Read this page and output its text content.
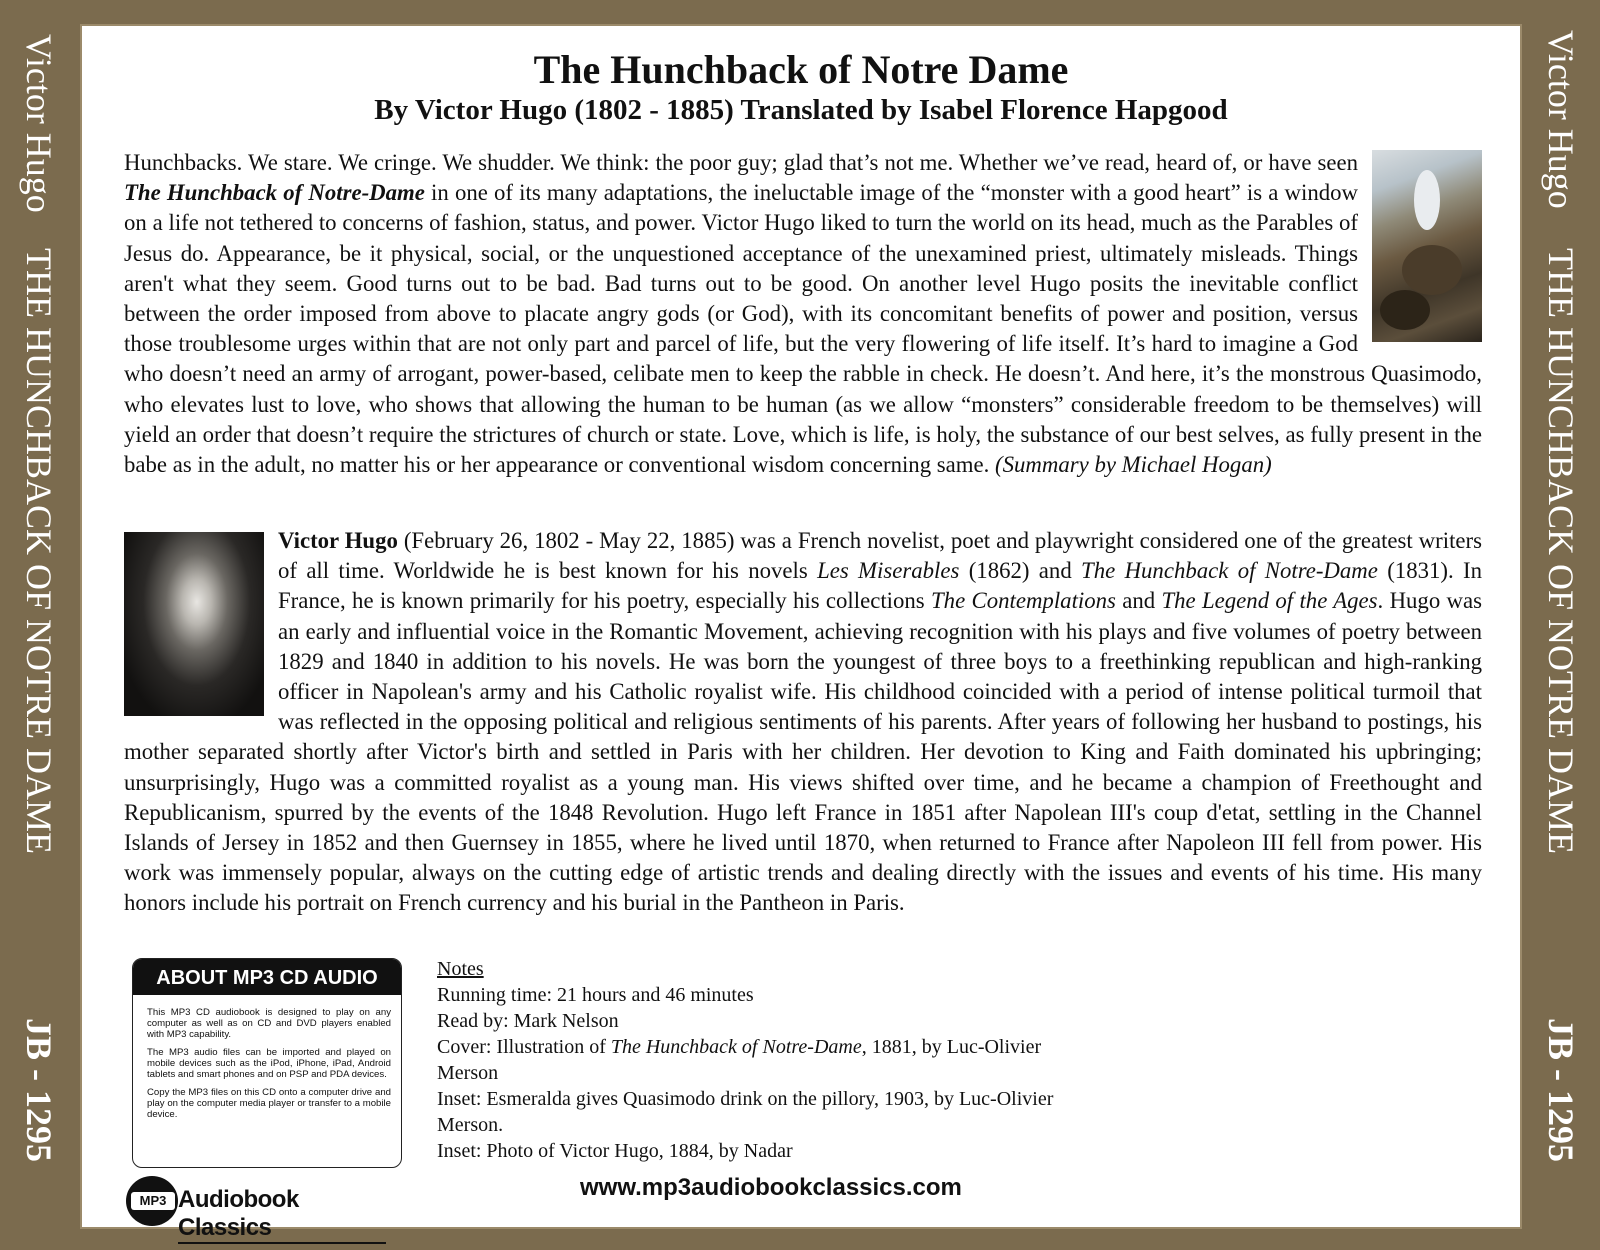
Victor Hugo
THE HUNCHBACK OF NOTRE DAME
JB - 1295
Victor Hugo
THE HUNCHBACK OF NOTRE DAME
JB - 1295
The Hunchback of Notre Dame
By Victor Hugo (1802 - 1885) Translated by Isabel Florence Hapgood
Hunchbacks. We stare. We cringe. We shudder. We think: the poor guy; glad that’s not me. Whether we’ve read, heard of, or have seen The Hunchback of Notre-Dame in one of its many adaptations, the ineluctable image of the “monster with a good heart” is a window on a life not tethered to concerns of fashion, status, and power. Victor Hugo liked to turn the world on its head, much as the Parables of Jesus do. Appearance, be it physical, social, or the unquestioned acceptance of the unexamined priest, ultimately misleads. Things aren't what they seem. Good turns out to be bad. Bad turns out to be good. On another level Hugo posits the inevitable conflict between the order imposed from above to placate angry gods (or God), with its concomitant benefits of power and position, versus those troublesome urges within that are not only part and parcel of life, but the very flowering of life itself. It’s hard to imagine a God who doesn’t need an army of arrogant, power-based, celibate men to keep the rabble in check. He doesn’t. And here, it’s the monstrous Quasimodo, who elevates lust to love, who shows that allowing the human to be human (as we allow “monsters” considerable freedom to be themselves) will yield an order that doesn’t require the strictures of church or state. Love, which is life, is holy, the substance of our best selves, as fully present in the babe as in the adult, no matter his or her appearance or conventional wisdom concerning same. (Summary by Michael Hogan)
Victor Hugo (February 26, 1802 - May 22, 1885) was a French novelist, poet and playwright considered one of the greatest writers of all time. Worldwide he is best known for his novels Les Miserables (1862) and The Hunchback of Notre-Dame (1831). In France, he is known primarily for his poetry, especially his collections The Contemplations and The Legend of the Ages. Hugo was an early and influential voice in the Romantic Movement, achieving recognition with his plays and five volumes of poetry between 1829 and 1840 in addition to his novels. He was born the youngest of three boys to a freethinking republican and high-ranking officer in Napolean's army and his Catholic royalist wife. His childhood coincided with a period of intense political turmoil that was reflected in the opposing political and religious sentiments of his parents. After years of following her husband to postings, his mother separated shortly after Victor's birth and settled in Paris with her children. Her devotion to King and Faith dominated his upbringing; unsurprisingly, Hugo was a committed royalist as a young man. His views shifted over time, and he became a champion of Freethought and Republicanism, spurred by the events of the 1848 Revolution. Hugo left France in 1851 after Napolean III's coup d'etat, settling in the Channel Islands of Jersey in 1852 and then Guernsey in 1855, where he lived until 1870, when returned to France after Napoleon III fell from power. His work was immensely popular, always on the cutting edge of artistic trends and dealing directly with the issues and events of his time. His many honors include his portrait on French currency and his burial in the Pantheon in Paris.
ABOUT MP3 CD AUDIO

This MP3 CD audiobook is designed to play on any computer as well as on CD and DVD players enabled with MP3 capability.

The MP3 audio files can be imported and played on mobile devices such as the iPod, iPhone, iPad, Android tablets and smart phones and on PSP and PDA devices.

Copy the MP3 files on this CD onto a computer drive and play on the computer media player or transfer to a mobile device.

Notes
Running time: 21 hours and 46 minutes
Read by: Mark Nelson
Cover: Illustration of The Hunchback of Notre-Dame, 1881, by Luc-Olivier Merson
Inset: Esmeralda gives Quasimodo drink on the pillory, 1903, by Luc-Olivier Merson.
Inset: Photo of Victor Hugo, 1884, by Nadar
MP3 Audiobook Classics
www.mp3audiobookclassics.com
